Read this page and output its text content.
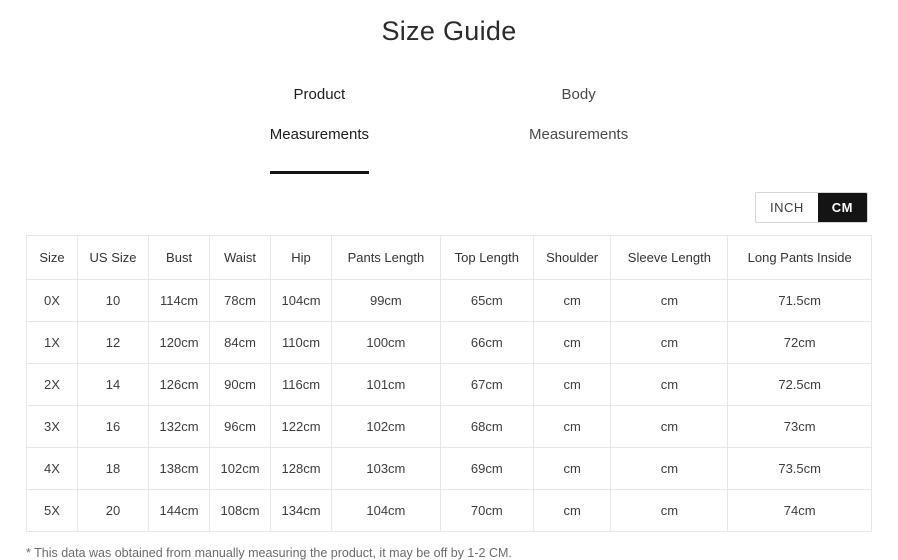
Size Guide

Product

Measurements

Body

Measurements

INCH	CM
Size	US Size	Bust	Waist	Hip	Pants Length	Top Length	Shoulder	Sleeve Length	Long Pants Inside
0X	10	114cm	78cm	104cm	99cm	65cm	cm	cm	71.5cm
1X	12	120cm	84cm	110cm	100cm	66cm	cm	cm	72cm
2X	14	126cm	90cm	116cm	101cm	67cm	cm	cm	72.5cm
3X	16	132cm	96cm	122cm	102cm	68cm	cm	cm	73cm
4X	18	138cm	102cm	128cm	103cm	69cm	cm	cm	73.5cm
5X	20	144cm	108cm	134cm	104cm	70cm	cm	cm	74cm
* This data was obtained from manually measuring the product, it may be off by 1-2 CM.
